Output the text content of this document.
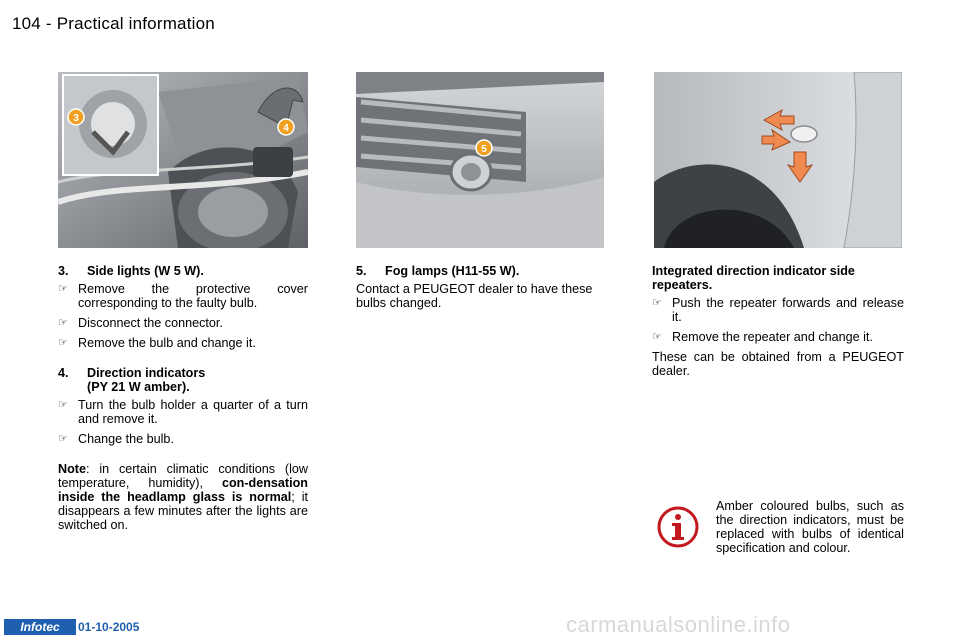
104 - Practical information
3
4
5
3. Side lights (W 5 W).
☞ Remove the protective cover corresponding to the faulty bulb.
☞ Disconnect the connector.
☞ Remove the bulb and change it.
4. Direction indicators
(PY 21 W amber).
☞ Turn the bulb holder a quarter of a turn and remove it.
☞ Change the bulb.

Note: in certain climatic conditions (low temperature, humidity), con-densation inside the headlamp glass is normal; it disappears a few minutes after the lights are switched on.

5. Fog lamps (H11-55 W).

Contact a PEUGEOT dealer to have these bulbs changed.

Integrated direction indicator side repeaters.
☞ Push the repeater forwards and release it.
☞ Remove the repeater and change it.

These can be obtained from a PEUGEOT dealer.

Amber coloured bulbs, such as the direction indicators, must be replaced with bulbs of identical specification and colour.
Infotec	01-10-2005	carmanualsonline.info
